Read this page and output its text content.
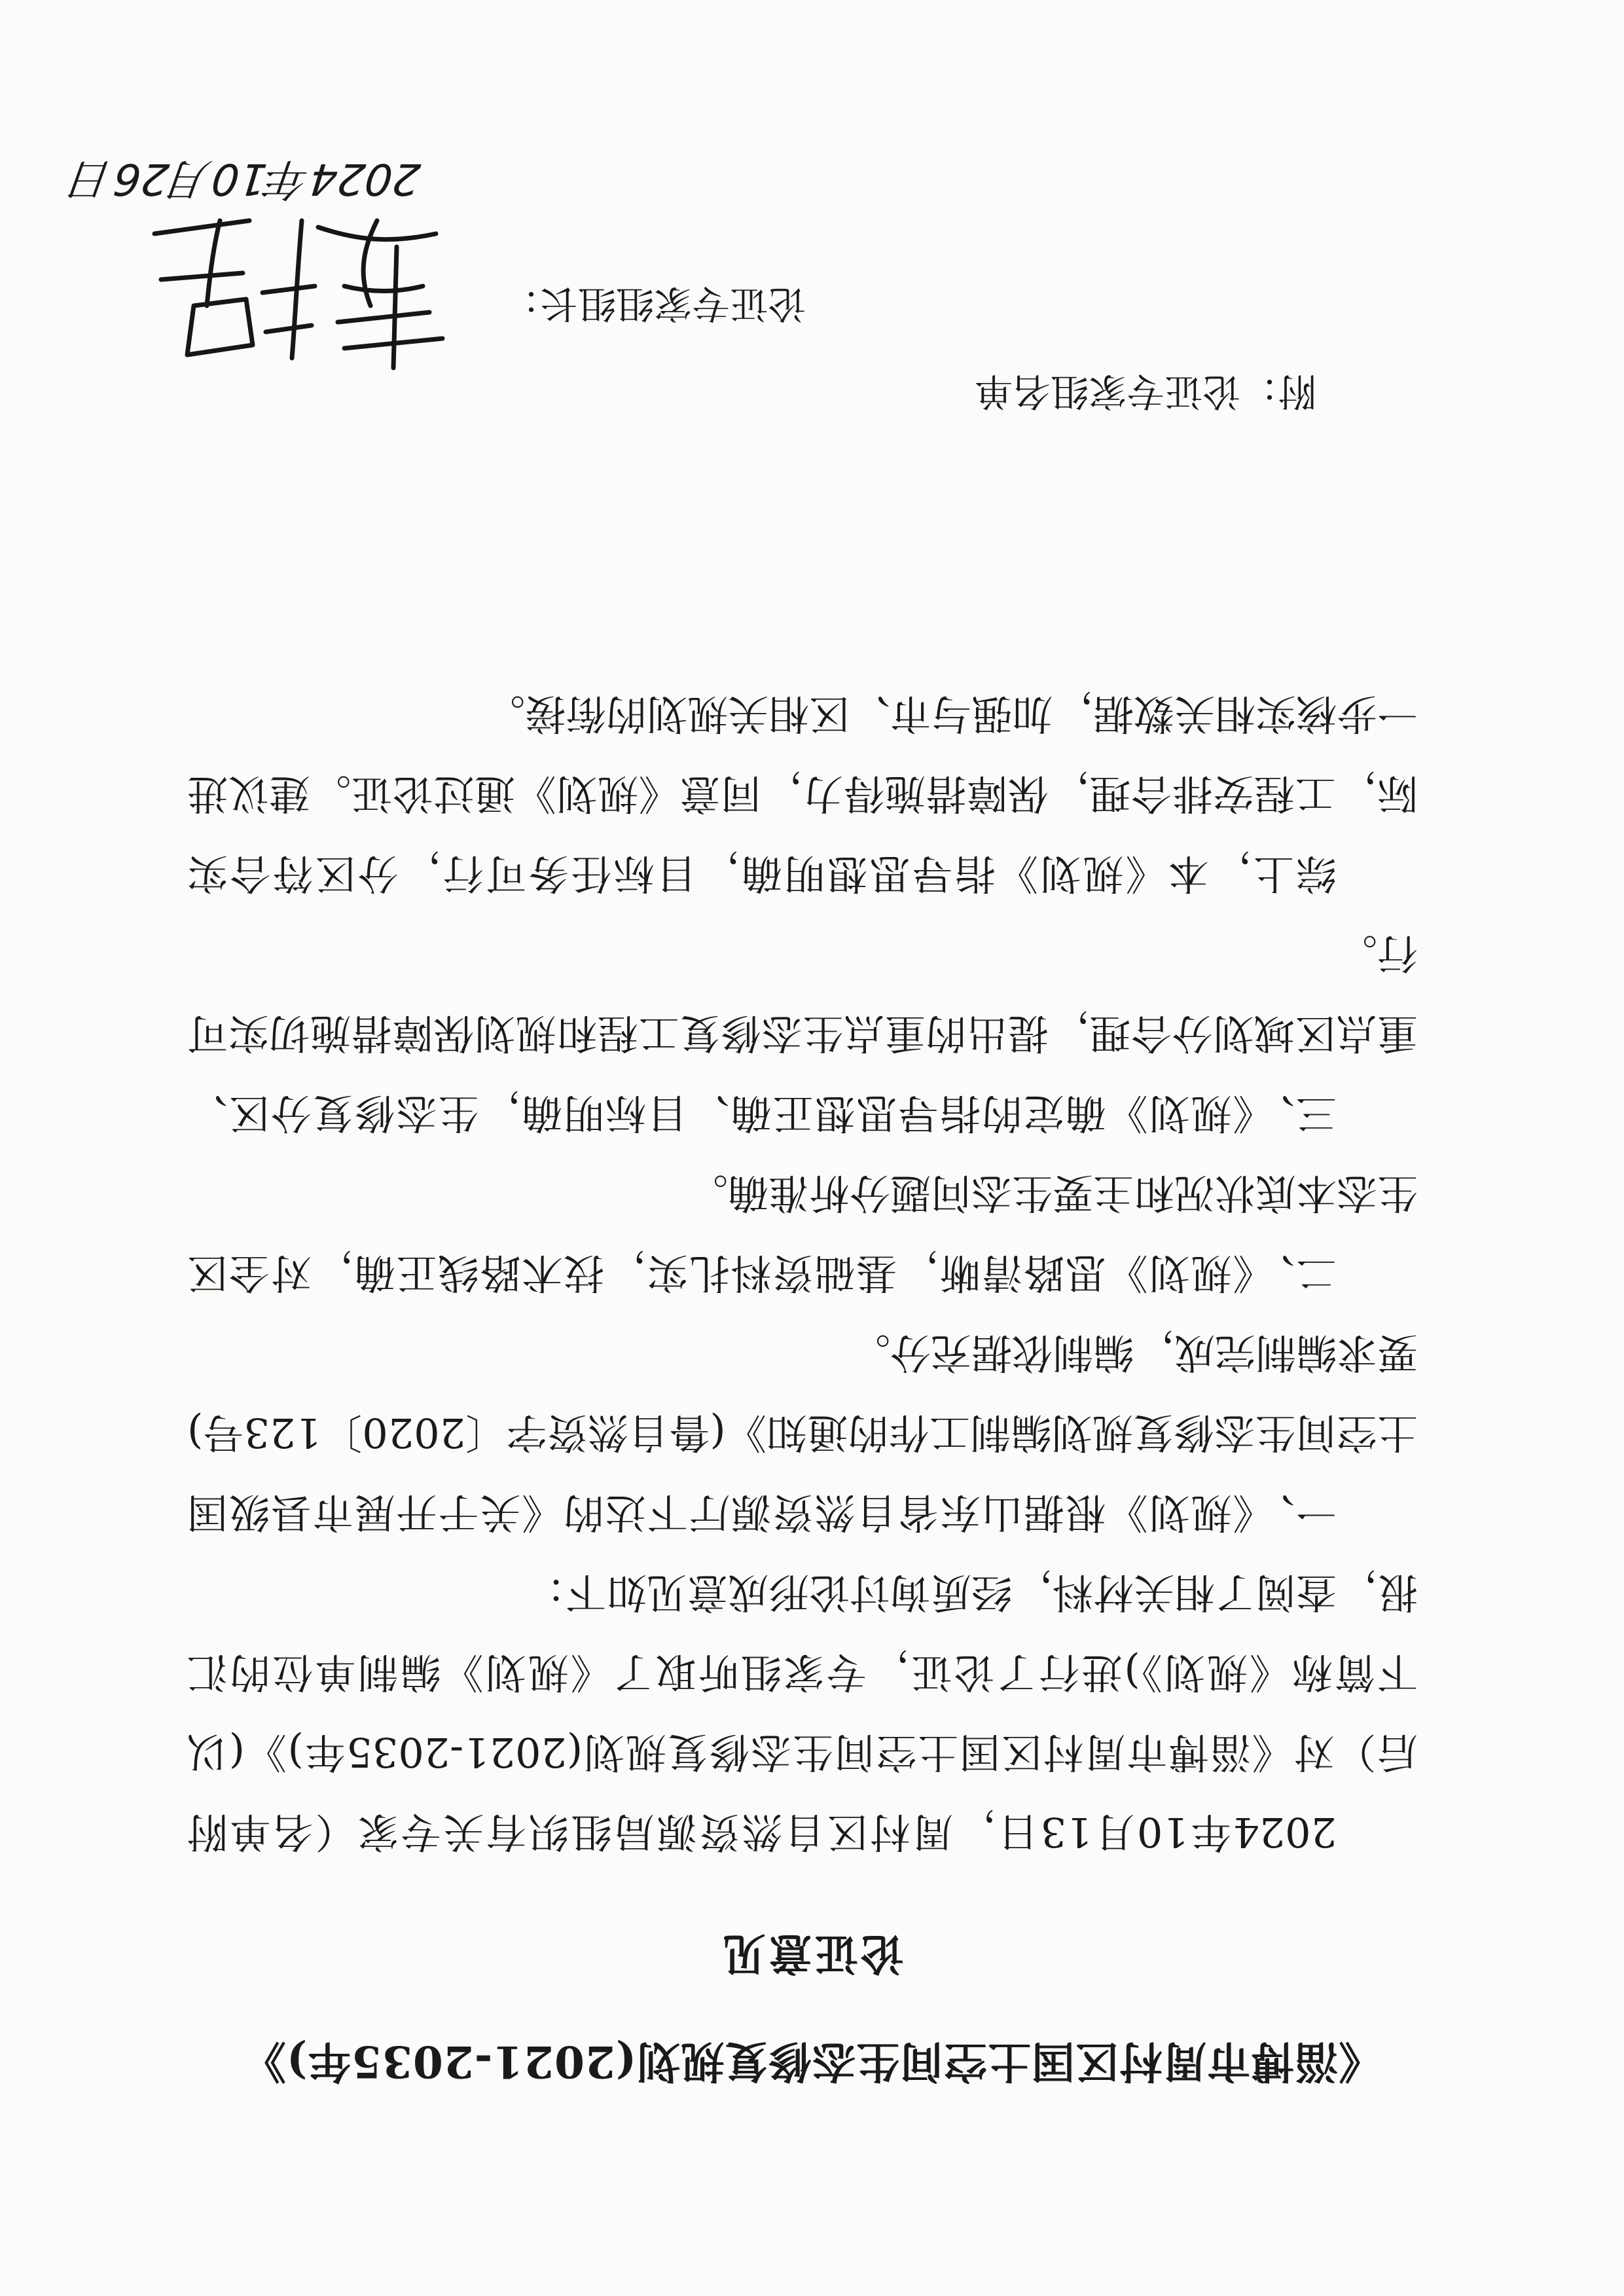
《淄博市周村区国土空间生态修复规划(2021-2035年)》
论证意见

2024年10月13日，周村区自然资源局组织有关专家（名单附后）对《淄博市周村区国土空间生态修复规划(2021-2035年)》(以下简称《规划》)进行了论证，专家组听取了《规划》编制单位的汇报，查阅了相关材料，经质询讨论形成意见如下：

一、《规划》根据山东省自然资源厅下达的《关于开展市县级国土空间生态修复规划编制工作的通知》(鲁自然资字〔2020〕123号)要求编制完成，编制依据充分。

二、《规划》思路清晰，基础资料扎实，技术路线正确，对全区生态本底状况和主要生态问题分析准确。

三、《规划》确定的指导思想正确、目标明确，生态修复分区、重点区域划分合理，提出的重点生态修复工程和规划保障措施切实可行。

综上，本《规划》指导思想明确，目标任务可行，分区符合实际，工程安排合理，保障措施得力，同意《规划》通过论证。建议进一步核实相关数据，加强与市、区相关规划的衔接。

附：论证专家组名单

论证专家组组长：

2024年10月26日
